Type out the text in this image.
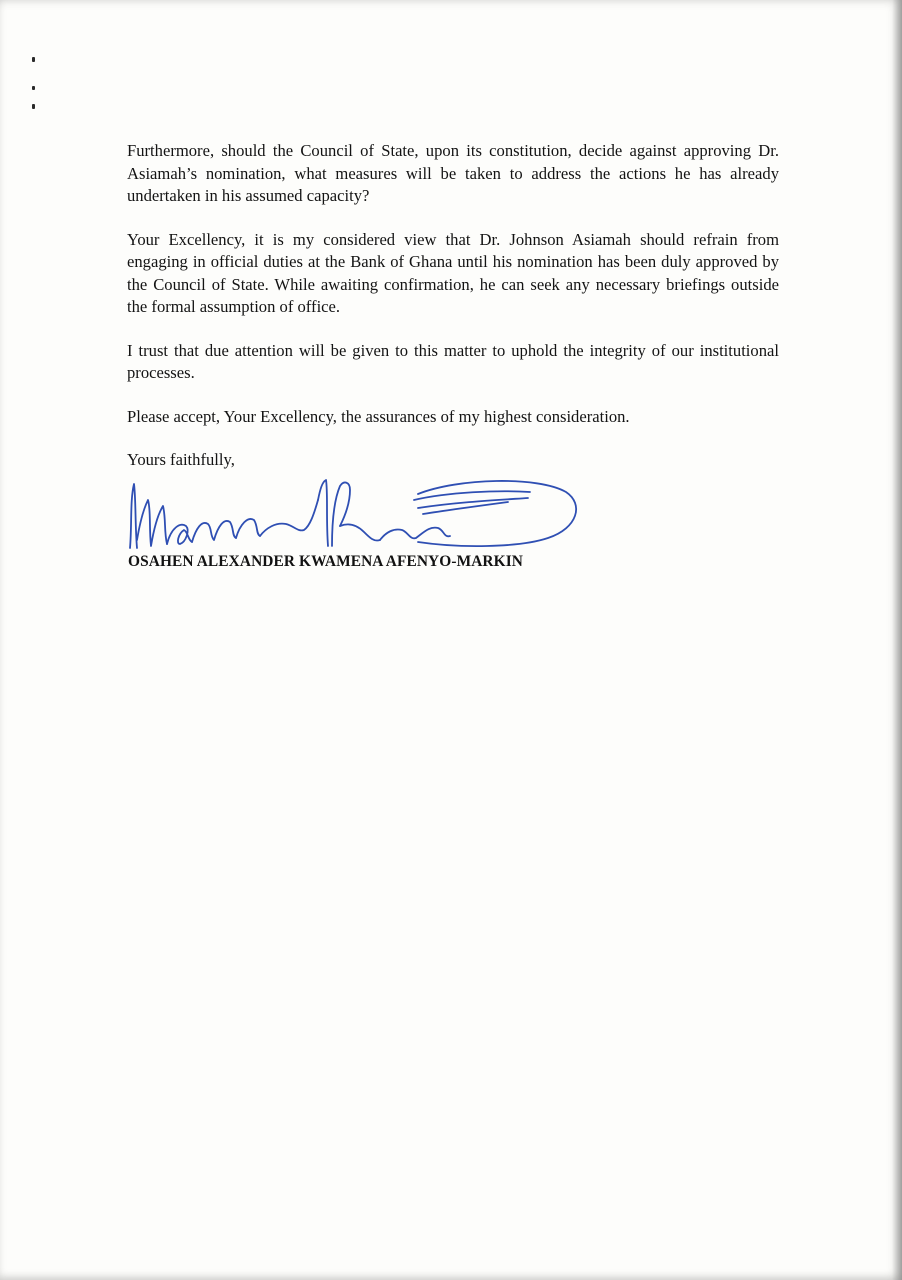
Furthermore, should the Council of State, upon its constitution, decide against approving Dr. Asiamah’s nomination, what measures will be taken to address the actions he has already undertaken in his assumed capacity?

Your Excellency, it is my considered view that Dr. Johnson Asiamah should refrain from engaging in official duties at the Bank of Ghana until his nomination has been duly approved by the Council of State. While awaiting confirmation, he can seek any necessary briefings outside the formal assumption of office.

I trust that due attention will be given to this matter to uphold the integrity of our institutional processes.

Please accept, Your Excellency, the assurances of my highest consideration.

Yours faithfully,

OSAHEN ALEXANDER KWAMENA AFENYO-MARKIN
